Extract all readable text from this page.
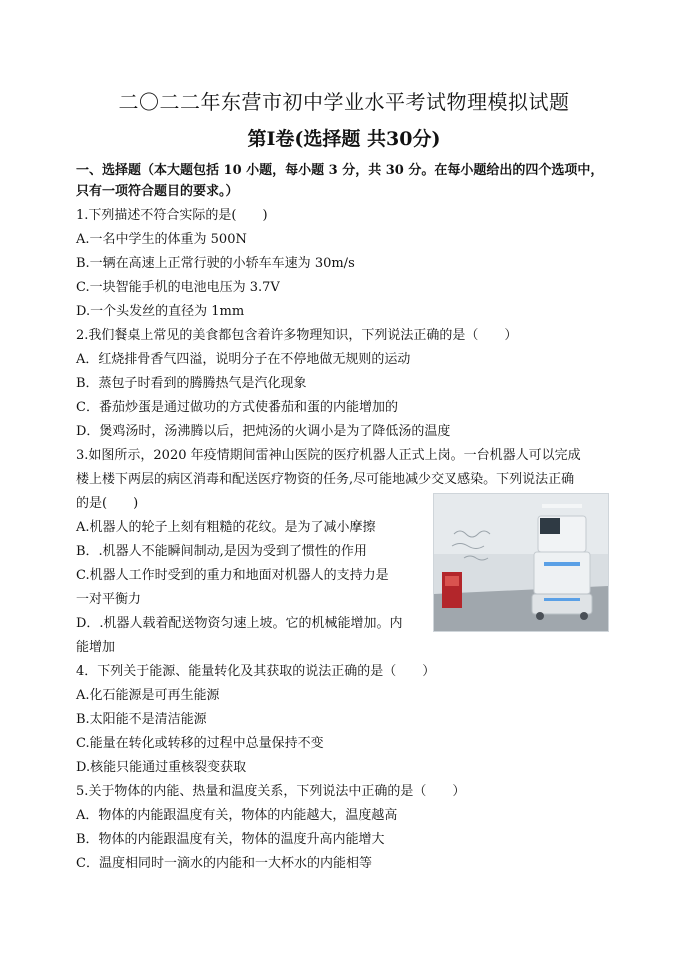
二〇二二年东营市初中学业水平考试物理模拟试题
第Ⅰ卷(选择题 共30分)
一、选择题（本大题包括 10 小题，每小题 3 分，共 30 分。在每小题给出的四个选项中，
只有一项符合题目的要求。）
1.下列描述不符合实际的是(　　)
A.一名中学生的体重为 500N
B.一辆在高速上正常行驶的小轿车车速为 30m/s
C.一块智能手机的电池电压为 3.7V
D.一个头发丝的直径为 1mm
2.我们餐桌上常见的美食都包含着许多物理知识，下列说法正确的是（　　）
A．红烧排骨香气四溢，说明分子在不停地做无规则的运动
B．蒸包子时看到的腾腾热气是汽化现象
C．番茄炒蛋是通过做功的方式使番茄和蛋的内能增加的
D．煲鸡汤时，汤沸腾以后，把炖汤的火调小是为了降低汤的温度
3.如图所示，2020 年疫情期间雷神山医院的医疗机器人正式上岗。一台机器人可以完成
楼上楼下两层的病区消毒和配送医疗物资的任务,尽可能地减少交叉感染。下列说法正确
的是(　　)
A.机器人的轮子上刻有粗糙的花纹。是为了减小摩擦
B．.机器人不能瞬间制动,是因为受到了惯性的作用
C.机器人工作时受到的重力和地面对机器人的支持力是
一对平衡力
D．.机器人载着配送物资匀速上坡。它的机械能增加。内
能增加
4．下列关于能源、能量转化及其获取的说法正确的是（　　）
A.化石能源是可再生能源
B.太阳能不是清洁能源
C.能量在转化或转移的过程中总量保持不变
D.核能只能通过重核裂变获取
5.关于物体的内能、热量和温度关系，下列说法中正确的是（　　）
A．物体的内能跟温度有关，物体的内能越大，温度越高
B．物体的内能跟温度有关，物体的温度升高内能增大
C．温度相同时一滴水的内能和一大杯水的内能相等
